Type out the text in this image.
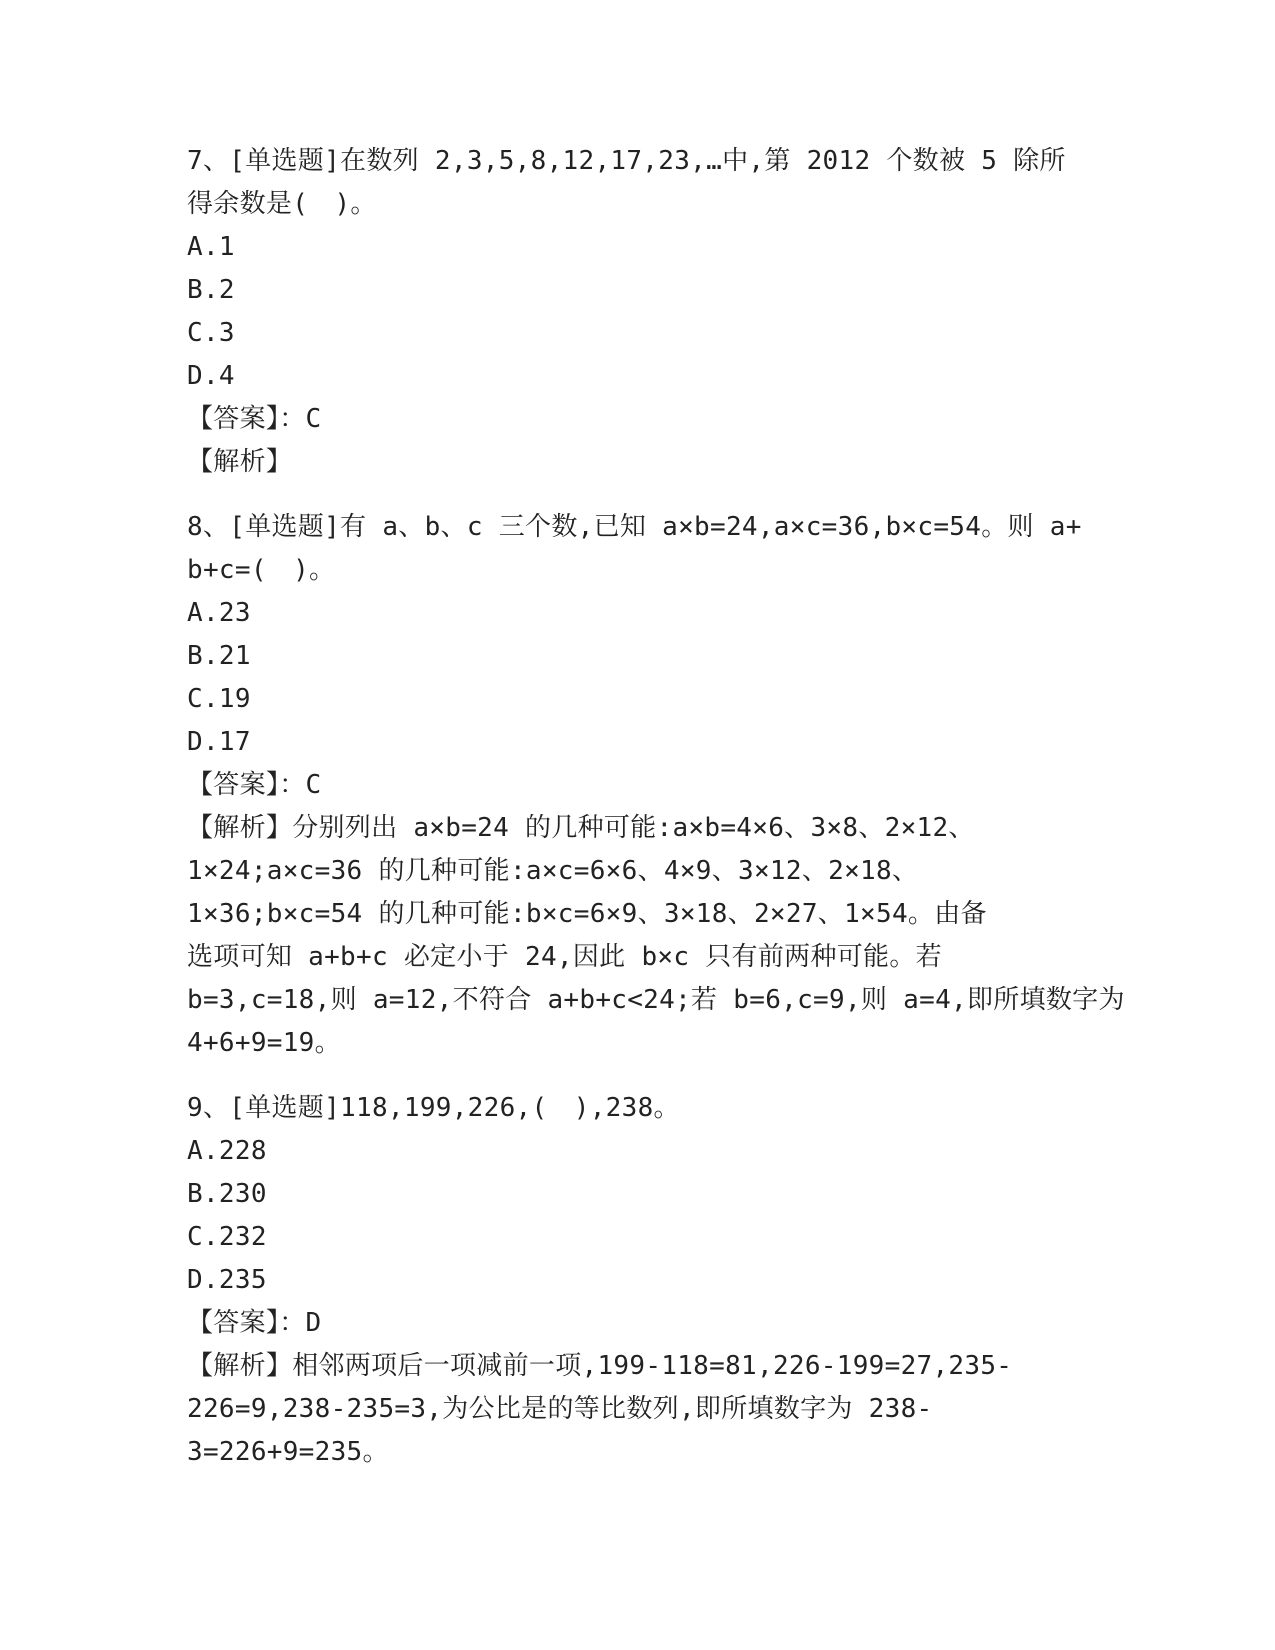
7、[单选题]在数列 2,3,5,8,12,17,23,…中,第 2012 个数被 5 除所得余数是(　)。
A.1
B.2
C.3
D.4
【答案】：C
【解析】
8、[单选题]有 a、b、c 三个数,已知 a×b=24,a×c=36,b×c=54。则 a+b+c=(　)。
A.23
B.21
C.19
D.17
【答案】：C
【解析】分别列出 a×b=24 的几种可能:a×b=4×6、3×8、2×12、
1×24;a×c=36 的几种可能:a×c=6×6、4×9、3×12、2×18、
1×36;b×c=54 的几种可能:b×c=6×9、3×18、2×27、1×54。由备
选项可知 a+b+c 必定小于 24,因此 b×c 只有前两种可能。若
b=3,c=18,则 a=12,不符合 a+b+c<24;若 b=6,c=9,则 a=4,即所填数字为
4+6+9=19。
9、[单选题]118,199,226,(　),238。
A.228
B.230
C.232
D.235
【答案】：D
【解析】相邻两项后一项减前一项,199-118=81,226-199=27,235-
226=9,238-235=3,为公比是的等比数列,即所填数字为 238-
3=226+9=235。
